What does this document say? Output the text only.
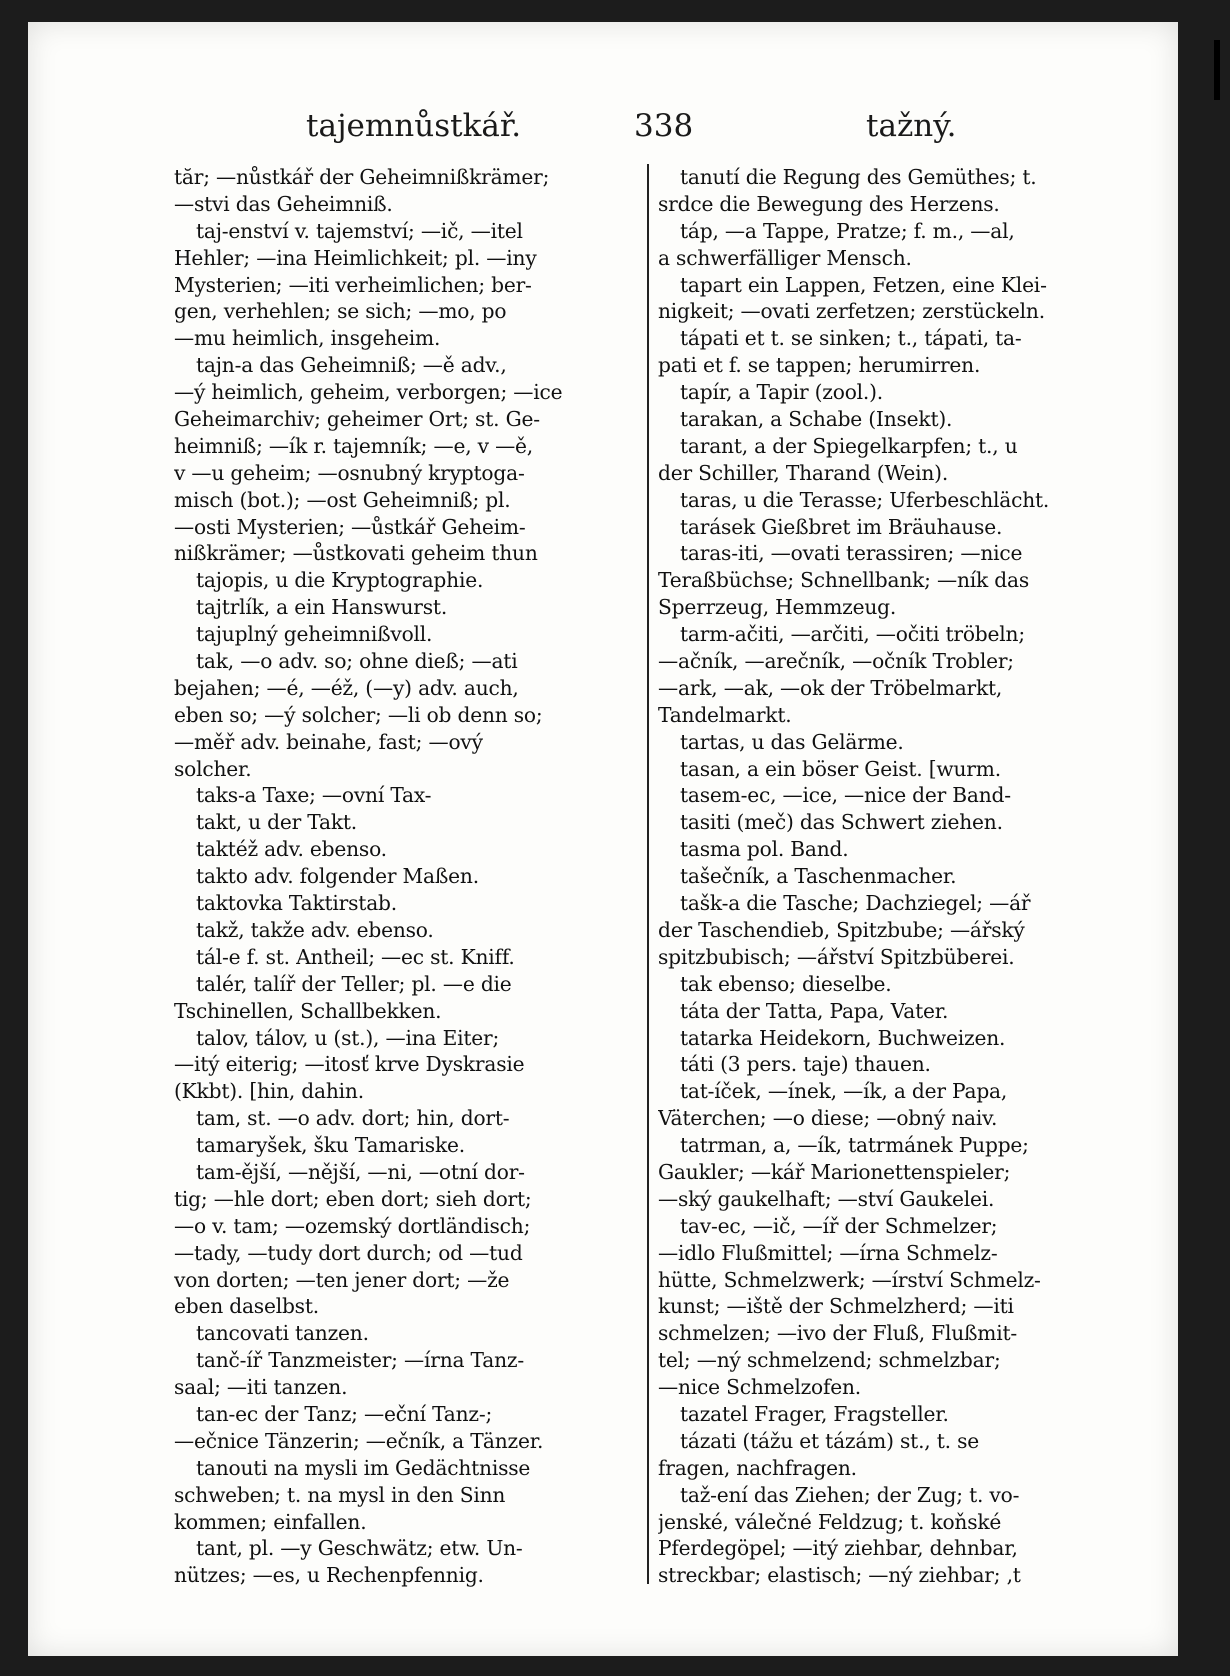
tajemnůstkář.	338	tažný.
tăr; —nůstkář der Geheimnißkrämer;
—stvi das Geheimniß.
taj-enství v. tajemství; —ič, —itel
Hehler; —ina Heimlichkeit; pl. —iny
Mysterien; —iti verheimlichen; ber-
gen, verhehlen; se sich; —mo, po
—mu heimlich, insgeheim.
tajn-a das Geheimniß; —ě adv.,
—ý heimlich, geheim, verborgen; —ice
Geheimarchiv; geheimer Ort; st. Ge-
heimniß; —ík r. tajemník; —e, v —ě,
v —u geheim; —osnubný kryptoga-
misch (bot.); —ost Geheimniß; pl.
—osti Mysterien; —ůstkář Geheim-
nißkrämer; —ůstkovati geheim thun
tajopis, u die Kryptographie.
tajtrlík, a ein Hanswurst.
tajuplný geheimnißvoll.
tak, —o adv. so; ohne dieß; —ati
bejahen; —é, —éž, (—y) adv. auch,
eben so; —ý solcher; —li ob denn so;
—měř adv. beinahe, fast; —ový
solcher.
taks-a Taxe; —ovní Tax-
takt, u der Takt.
taktéž adv. ebenso.
takto adv. folgender Maßen.
taktovka Taktirstab.
takž, takže adv. ebenso.
tál-e f. st. Antheil; —ec st. Kniff.
talér, talíř der Teller; pl. —e die
Tschinellen, Schallbekken.
talov, tálov, u (st.), —ina Eiter;
—itý eiterig; —itosť krve Dyskrasie
(Kkbt). [hin, dahin.
tam, st. —o adv. dort; hin, dort-
tamaryšek, šku Tamariske.
tam-ější, —nější, —ni, —otní dor-
tig; —hle dort; eben dort; sieh dort;
—o v. tam; —ozemský dortländisch;
—tady, —tudy dort durch; od —tud
von dorten; —ten jener dort; —že
eben daselbst.
tancovati tanzen.
tanč-íř Tanzmeister; —írna Tanz-
saal; —iti tanzen.
tan-ec der Tanz; —eční Tanz-;
—ečnice Tänzerin; —ečník, a Tänzer.
tanouti na mysli im Gedächtnisse
schweben; t. na mysl in den Sinn
kommen; einfallen.
tant, pl. —y Geschwätz; etw. Un-
nützes; —es, u Rechenpfennig.
tanutí die Regung des Gemüthes; t.
srdce die Bewegung des Herzens.
táp, —a Tappe, Pratze; f. m., —al,
a schwerfälliger Mensch.
tapart ein Lappen, Fetzen, eine Klei-
nigkeit; —ovati zerfetzen; zerstückeln.
tápati et t. se sinken; t., tápati, ta-
pati et f. se tappen; herumirren.
tapír, a Tapir (zool.).
tarakan, a Schabe (Insekt).
tarant, a der Spiegelkarpfen; t., u
der Schiller, Tharand (Wein).
taras, u die Terasse; Uferbeschlächt.
tarásek Gießbret im Bräuhause.
taras-iti, —ovati terassiren; —nice
Teraßbüchse; Schnellbank; —ník das
Sperrzeug, Hemmzeug.
tarm-ačiti, —arčiti, —očiti tröbeln;
—ačník, —arečník, —očník Trobler;
—ark, —ak, —ok der Tröbelmarkt,
Tandelmarkt.
tartas, u das Gelärme.
tasan, a ein böser Geist. [wurm.
tasem-ec, —ice, —nice der Band-
tasiti (meč) das Schwert ziehen.
tasma pol. Band.
tašečník, a Taschenmacher.
tašk-a die Tasche; Dachziegel; —ář
der Taschendieb, Spitzbube; —ářský
spitzbubisch; —ářství Spitzbüberei.
tak ebenso; dieselbe.
táta der Tatta, Papa, Vater.
tatarka Heidekorn, Buchweizen.
táti (3 pers. taje) thauen.
tat-íček, —ínek, —ík, a der Papa,
Väterchen; —o diese; —obný naiv.
tatrman, a, —ík, tatrmánek Puppe;
Gaukler; —kář Marionettenspieler;
—ský gaukelhaft; —ství Gaukelei.
tav-ec, —ič, —íř der Schmelzer;
—idlo Flußmittel; —írna Schmelz-
hütte, Schmelzwerk; —írství Schmelz-
kunst; —iště der Schmelzherd; —iti
schmelzen; —ivo der Fluß, Flußmit-
tel; —ný schmelzend; schmelzbar;
—nice Schmelzofen.
tazatel Frager, Fragsteller.
tázati (tážu et tázám) st., t. se
fragen, nachfragen.
taž-ení das Ziehen; der Zug; t. vo-
jenské, válečné Feldzug; t. koňské
Pferdegöpel; —itý ziehbar, dehnbar,
streckbar; elastisch; —ný ziehbar; ,t
